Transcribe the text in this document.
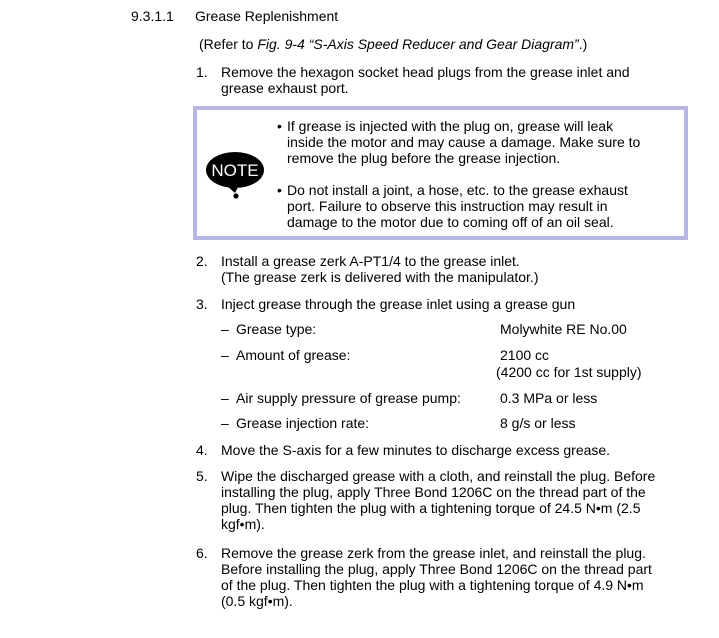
9.3.1.1 Grease Replenishment
(Refer to Fig. 9-4 “S-Axis Speed Reducer and Gear Diagram”.)
1. Remove the hexagon socket head plugs from the grease inlet and
grease exhaust port.
NOTE
• If grease is injected with the plug on, grease will leak
inside the motor and may cause a damage. Make sure to
remove the plug before the grease injection.
• Do not install a joint, a hose, etc. to the grease exhaust
port. Failure to observe this instruction may result in
damage to the motor due to coming off of an oil seal.
2. Install a grease zerk A-PT1/4 to the grease inlet.
(The grease zerk is delivered with the manipulator.)
3. Inject grease through the grease inlet using a grease gun
– Grease type:	Molywhite RE No.00
– Amount of grease:	2100 cc
(4200 cc for 1st supply)
– Air supply pressure of grease pump:	0.3 MPa or less
– Grease injection rate:	8 g/s or less
4. Move the S-axis for a few minutes to discharge excess grease.
5. Wipe the discharged grease with a cloth, and reinstall the plug. Before
installing the plug, apply Three Bond 1206C on the thread part of the
plug. Then tighten the plug with a tightening torque of 24.5 N•m (2.5
kgf•m).
6. Remove the grease zerk from the grease inlet, and reinstall the plug.
Before installing the plug, apply Three Bond 1206C on the thread part
of the plug. Then tighten the plug with a tightening torque of 4.9 N•m
(0.5 kgf•m).
